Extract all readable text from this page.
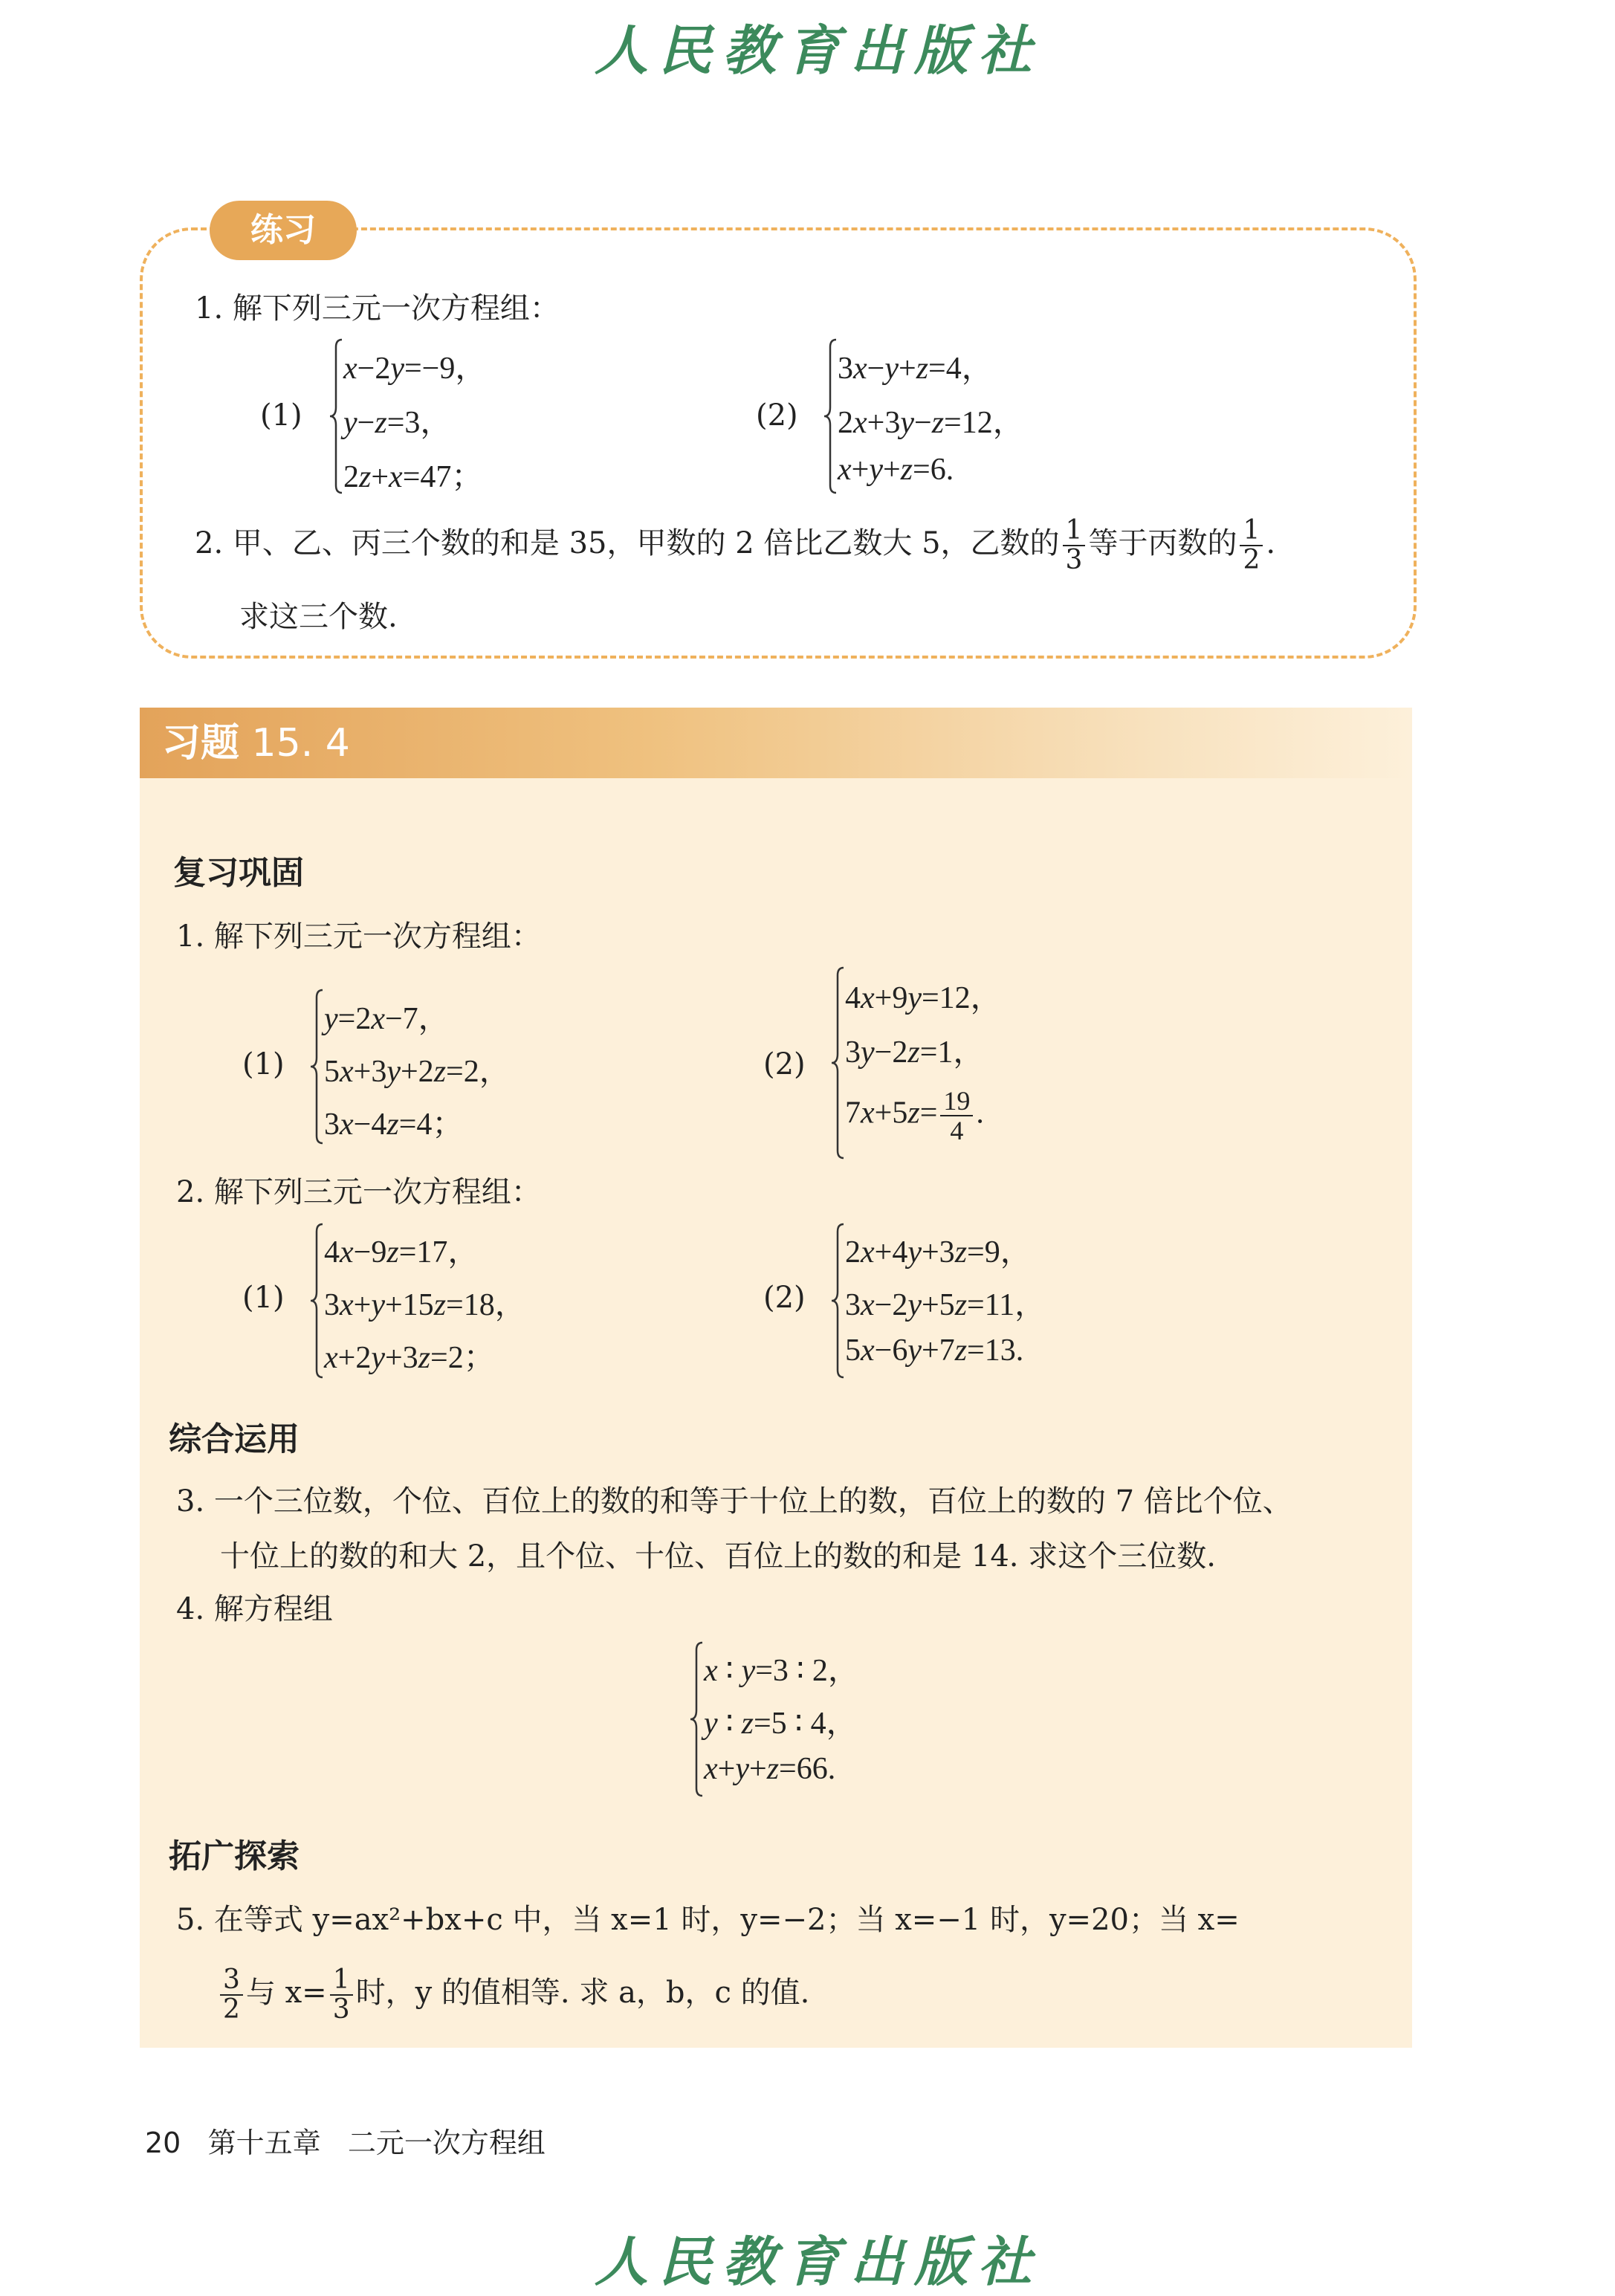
人民教育出版社
练习
1. 解下列三元一次方程组：
(1)
x−2y=−9，
y−z=3，
2z+x=47；
(2)
3x−y+z=4，
2x+3y−z=12，
x+y+z=6.
2. 甲、乙、丙三个数的和是 35，甲数的 2 倍比乙数大 5，乙数的 $\frac{1}{3}$ 等于丙数的 $\frac{1}{2}$ .
求这三个数.
习题 15. 4
复习巩固
1. 解下列三元一次方程组：
(1)
y=2x−7，
5x+3y+2z=2，
3x−4z=4；
(2)
4x+9y=12，
3y−2z=1，
$7x+5z= \frac{19}{4}$ .
2. 解下列三元一次方程组：
(1)
4x−9z=17，
3x+y+15z=18，
x+2y+3z=2；
(2)
2x+4y+3z=9，
3x−2y+5z=11，
5x−6y+7z=13.
综合运用
3. 一个三位数，个位、百位上的数的和等于十位上的数，百位上的数的 7 倍比个位、
十位上的数的和大 2，且个位、十位、百位上的数的和是 14. 求这个三位数.
4. 解方程组
x ∶ y=3 ∶ 2，
y ∶ z=5 ∶ 4，
x+y+z=66.
拓广探索
5. 在等式 y=ax²+bx+c 中，当 x=1 时，y=−2；当 x=−1 时，y=20；当 x=
$\frac{3}{2}$ 与 $x= \frac{1}{3}$ 时，y 的值相等. 求 a，b，c 的值.
20 第十五章 二元一次方程组
人民教育出版社
